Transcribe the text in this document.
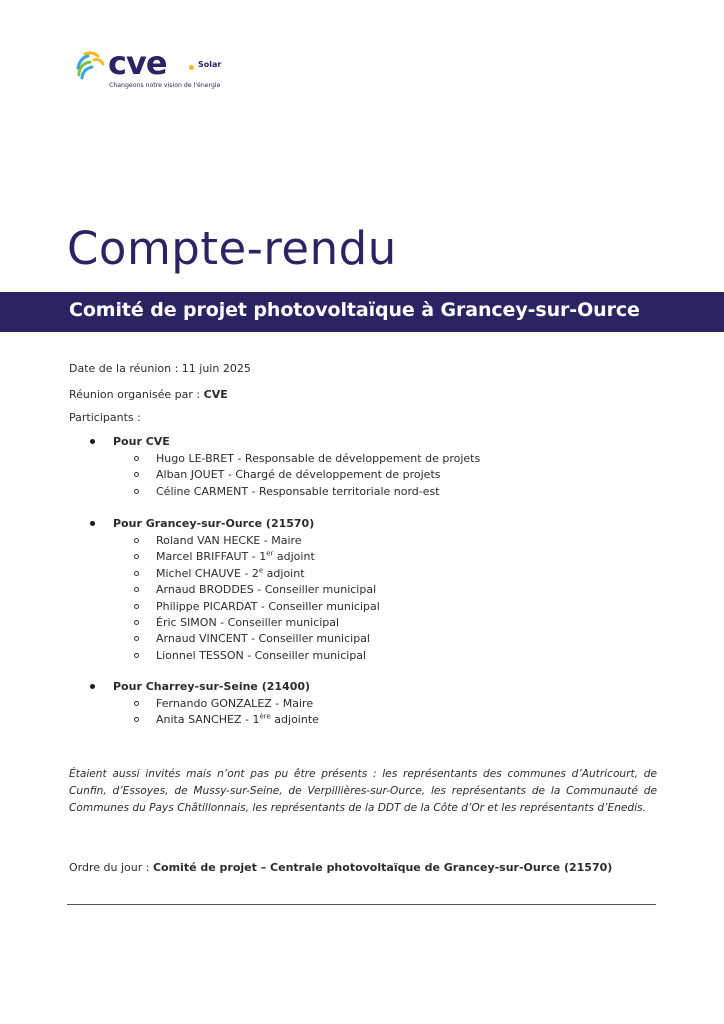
cve	Solar
Changeons notre vision de l'énergie
Compte-rendu
Comité de projet photovoltaïque à Grancey-sur-Ource
Date de la réunion : 11 juin 2025
Réunion organisée par : CVE
Participants :
Pour CVE
Hugo LE-BRET - Responsable de développement de projets
Alban JOUET - Chargé de développement de projets
Céline CARMENT - Responsable territoriale nord-est
Pour Grancey-sur-Ource (21570)
Roland VAN HECKE - Maire
Marcel BRIFFAUT - 1er adjoint
Michel CHAUVE - 2e adjoint
Arnaud BRODDES - Conseiller municipal
Philippe PICARDAT - Conseiller municipal
Éric SIMON - Conseiller municipal
Arnaud VINCENT - Conseiller municipal
Lionnel TESSON - Conseiller municipal
Pour Charrey-sur-Seine (21400)
Fernando GONZALEZ - Maire
Anita SANCHEZ - 1ère adjointe
Étaient aussi invités mais n’ont pas pu être présents : les représentants des communes d’Autricourt, de Cunfin, d’Essoyes, de Mussy-sur-Seine, de Verpillières-sur-Ource, les représentants de la Communauté de Communes du Pays Châtillonnais, les représentants de la DDT de la Côte d’Or et les représentants d’Enedis.
Ordre du jour : Comité de projet – Centrale photovoltaïque de Grancey-sur-Ource (21570)
